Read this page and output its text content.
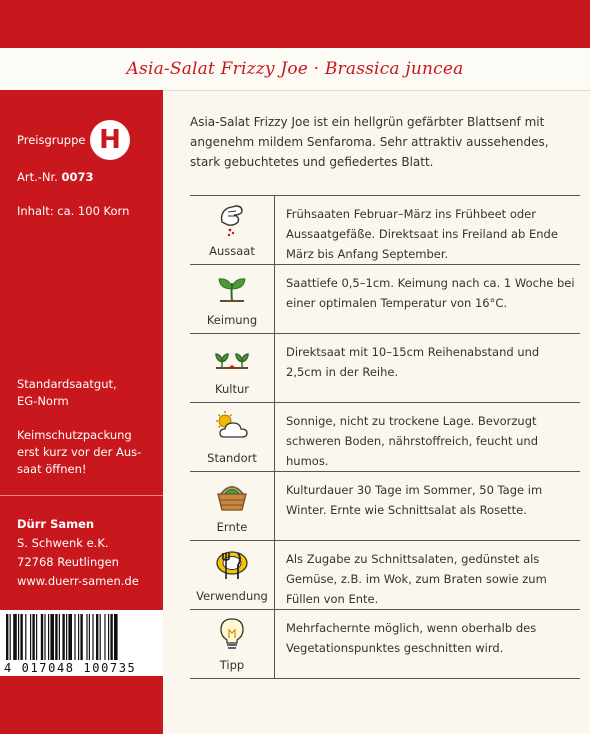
Asia-Salat Frizzy Joe · Brassica juncea
Preisgruppe H
Art.-Nr. 0073
Inhalt: ca. 100 Korn
Standardsaatgut,
EG-Norm
Keimschutzpackung
erst kurz vor der Aus-
saat öffnen!
Dürr Samen
S. Schwenk e.K.
72768 Reutlingen
www.duerr-samen.de
4 017048 100735
Asia-Salat Frizzy Joe ist ein hellgrün gefärbter Blattsenf mit angenehm mildem Senfaroma. Sehr attraktiv aussehendes, stark gebuchtetes und gefiedertes Blatt.
Aussaat
Frühsaaten Februar–März ins Frühbeet oder Aussaatgefäße. Direktsaat ins Freiland ab Ende März bis Anfang September.
Keimung
Saattiefe 0,5–1cm. Keimung nach ca. 1 Woche bei einer optimalen Temperatur von 16°C.
Kultur
Direktsaat mit 10–15cm Reihenabstand und 2,5cm in der Reihe.
Standort
Sonnige, nicht zu trockene Lage. Bevorzugt schweren Boden, nährstoffreich, feucht und humos.
Ernte
Kulturdauer 30 Tage im Sommer, 50 Tage im Winter. Ernte wie Schnittsalat als Rosette.
Verwendung
Als Zugabe zu Schnittsalaten, gedünstet als Gemüse, z.B. im Wok, zum Braten sowie zum Füllen von Ente.
Tipp
Mehrfachernte möglich, wenn oberhalb des Vegetationspunktes geschnitten wird.
